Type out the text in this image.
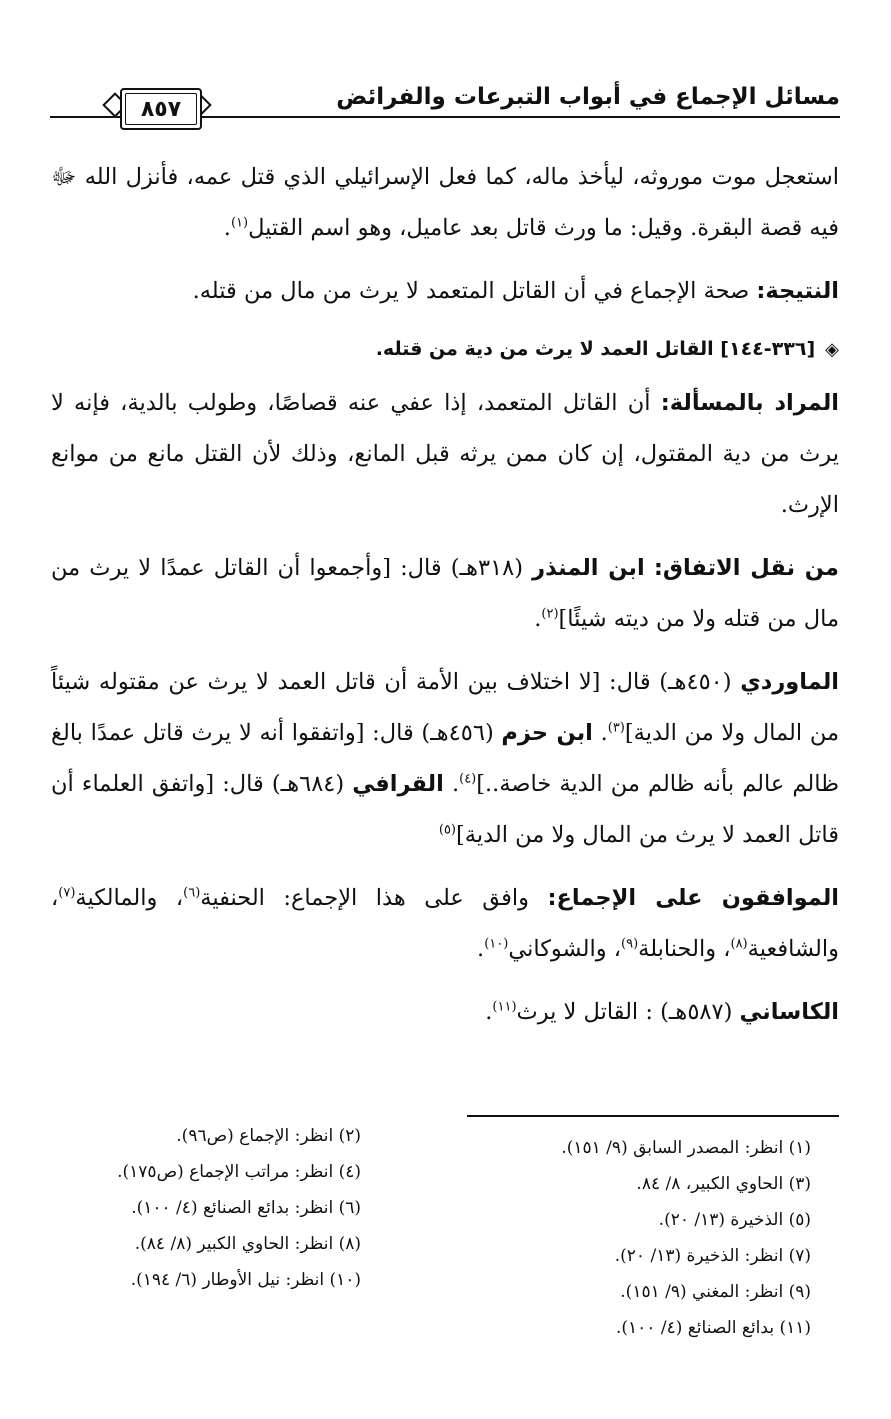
مسائل الإجماع في أبواب التبرعات والفرائض
٨٥٧

استعجل موت موروثه، ليأخذ ماله، كما فعل الإسرائيلي الذي قتل عمه، فأنزل الله ﷻ فيه قصة البقرة. وقيل: ما ورث قاتل بعد عاميل، وهو اسم القتيل$^{(١)}$.

النتيجة: صحة الإجماع في أن القاتل المتعمد لا يرث من مال من قتله.

◈[٣٣٦-١٤٤] القاتل العمد لا يرث من دية من قتله.

المراد بالمسألة: أن القاتل المتعمد، إذا عفي عنه قصاصًا، وطولب بالدية، فإنه لا يرث من دية المقتول، إن كان ممن يرثه قبل المانع، وذلك لأن القتل مانع من موانع الإرث.

من نقل الاتفاق: ابن المنذر (٣١٨هـ) قال: [وأجمعوا أن القاتل عمدًا لا يرث من مال من قتله ولا من ديته شيئًا]$^{(٢)}$.

الماوردي (٤٥٠هـ) قال: [لا اختلاف بين الأمة أن قاتل العمد لا يرث عن مقتوله شيئاً من المال ولا من الدية]$^{(٣)}$. ابن حزم (٤٥٦هـ) قال: [واتفقوا أنه لا يرث قاتل عمدًا بالغ ظالم عالم بأنه ظالم من الدية خاصة..]$^{(٤)}$. القرافي (٦٨٤هـ) قال: [واتفق العلماء أن قاتل العمد لا يرث من المال ولا من الدية]$^{(٥)}$

الموافقون على الإجماع: وافق على هذا الإجماع: الحنفية$^{(٦)}$، والمالكية$^{(٧)}$، والشافعية$^{(٨)}$، والحنابلة$^{(٩)}$، والشوكاني$^{(١٠)}$.

الكاساني (٥٨٧هـ) : القاتل لا يرث$^{(١١)}$.

(١) انظر: المصدر السابق (٩/ ١٥١).
(٣) الحاوي الكبير، ٨/ ٨٤.
(٥) الذخيرة (١٣/ ٢٠).
(٧) انظر: الذخيرة (١٣/ ٢٠).
(٩) انظر: المغني (٩/ ١٥١).
(١١) بدائع الصنائع (٤/ ١٠٠).
(٢) انظر: الإجماع (ص٩٦).
(٤) انظر: مراتب الإجماع (ص١٧٥).
(٦) انظر: بدائع الصنائع (٤/ ١٠٠).
(٨) انظر: الحاوي الكبير (٨/ ٨٤).
(١٠) انظر: نيل الأوطار (٦/ ١٩٤).
